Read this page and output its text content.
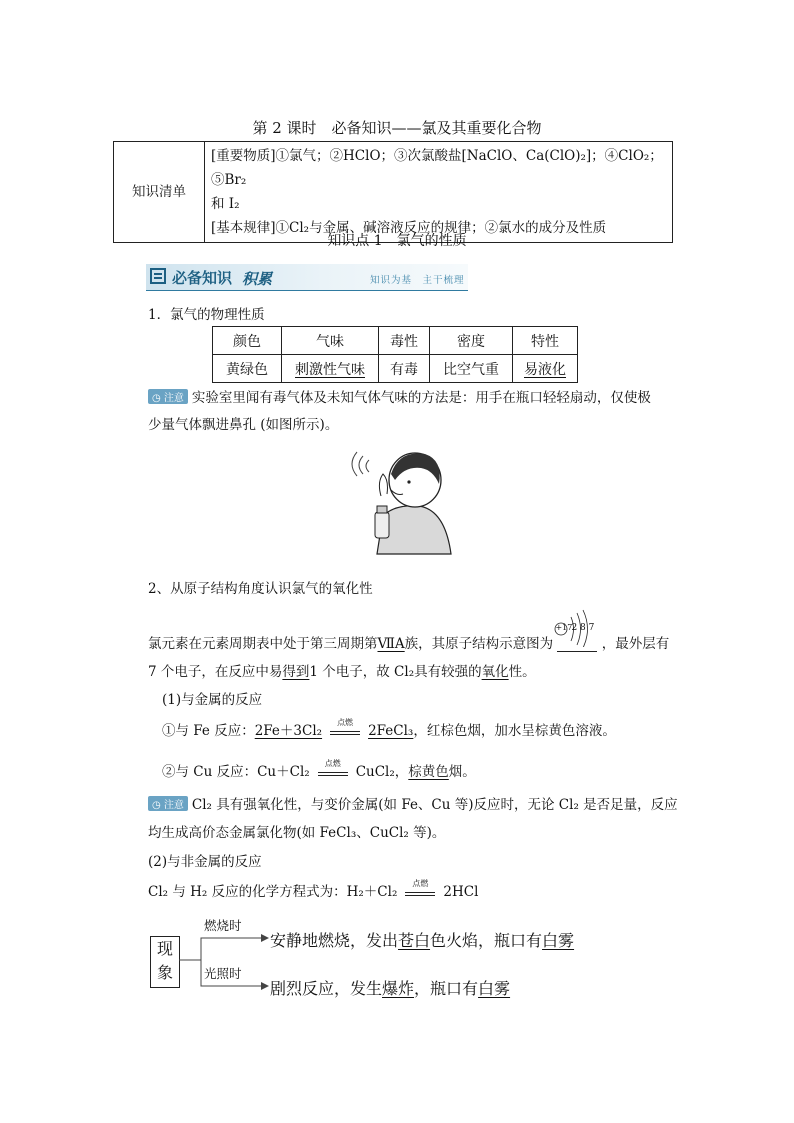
第 2 课时　必备知识——氯及其重要化合物
知识清单	
[重要物质]①氯气；②HClO；③次氯酸盐[NaClO、Ca(ClO)₂]；④ClO₂；⑤Br₂
和 I₂
[基本规律]①Cl₂与金属、碱溶液反应的规律；②氯水的成分及性质
知识点 1　氯气的性质
必备知识 积累	知识为基　主干梳理
1．氯气的物理性质
颜色	气味	毒性	密度	特性
黄绿色	刺激性气味	有毒	比空气重	易液化
◷ 注意 实验室里闻有毒气体及未知气体气味的方法是：用手在瓶口轻轻扇动，仅使极
少量气体飘进鼻孔 (如图所示)。
2、从原子结构角度认识氯气的氧化性
氯元素在元素周期表中处于第三周期第ⅦA族，其原子结构示意图为
+17 2 8 7
，最外层有
7 个电子，在反应中易得到1 个电子，故 Cl₂具有较强的氧化性。
(1)与金属的反应
①与 Fe 反应：2Fe＋3Cl₂
点燃
2FeCl₃，红棕色烟，加水呈棕黄色溶液。
②与 Cu 反应：Cu＋Cl₂
点燃
CuCl₂，棕黄色烟。
◷ 注意 Cl₂ 具有强氧化性，与变价金属(如 Fe、Cu 等)反应时，无论 Cl₂ 是否足量，反应
均生成高价态金属氯化物(如 FeCl₃、CuCl₂ 等)。
(2)与非金属的反应
Cl₂ 与 H₂ 反应的化学方程式为：H₂＋Cl₂
点燃
2HCl
现
象
燃烧时
光照时
安静地燃烧，发出苍白色火焰，瓶口有白雾
剧烈反应，发生爆炸，瓶口有白雾
